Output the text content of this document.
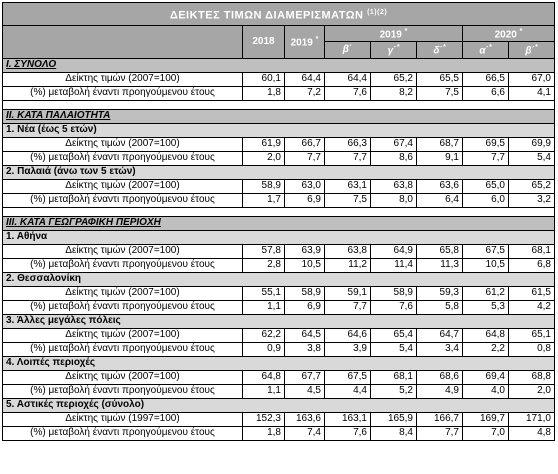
ΔΕΙΚΤΕΣ ΤΙΜΩΝ ΔΙΑΜΕΡΙΣΜΑΤΩΝ $^{(1)(2)}$
	2018	2019 *	2019 *			2020 *
			β΄	γ΄*	δ΄*	α΄*	β΄*
I. ΣΥΝΟΛΟ							
Δείκτης τιμών (2007=100)	60,1	64,4	64,4	65,2	65,5	66,5	67,0
(%) μεταβολή έναντι προηγούμενου έτους	1,8	7,2	7,6	8,2	7,5	6,6	4,1

II. ΚΑΤΑ ΠΑΛΑΙΟΤΗΤΑ							
1. Νέα (έως 5 ετών)							
Δείκτης τιμών (2007=100)	61,9	66,7	66,3	67,4	68,7	69,5	69,9
(%) μεταβολή έναντι προηγούμενου έτους	2,0	7,7	7,7	8,6	9,1	7,7	5,4
2. Παλαιά (άνω των 5 ετών)							
Δείκτης τιμών (2007=100)	58,9	63,0	63,1	63,8	63,6	65,0	65,2
(%) μεταβολή έναντι προηγούμενου έτους	1,7	6,9	7,5	8,0	6,4	6,0	3,2

III. ΚΑΤΑ ΓΕΩΓΡΑΦΙΚΗ ΠΕΡΙΟΧΗ							
1. Αθήνα							
Δείκτης τιμών (2007=100)	57,8	63,9	63,8	64,9	65,8	67,5	68,1
(%) μεταβολή έναντι προηγούμενου έτους	2,8	10,5	11,2	11,4	11,3	10,5	6,8
2. Θεσσαλονίκη							
Δείκτης τιμών (2007=100)	55,1	58,9	59,1	58,9	59,3	61,2	61,5
(%) μεταβολή έναντι προηγούμενου έτους	1,1	6,9	7,7	7,6	5,8	5,3	4,2
3. Άλλες μεγάλες πόλεις							
Δείκτης τιμών (2007=100)	62,2	64,5	64,6	65,4	64,7	64,8	65,1
(%) μεταβολή έναντι προηγούμενου έτους	0,9	3,8	3,9	5,4	3,4	2,2	0,8
4. Λοιπές περιοχές							
Δείκτης τιμών (2007=100)	64,8	67,7	67,5	68,1	68,6	69,4	68,8
(%) μεταβολή έναντι προηγούμενου έτους	1,1	4,5	4,4	5,2	4,9	4,0	2,0
5. Αστικές περιοχές (σύνολο)							
Δείκτης τιμών (1997=100)	152,3	163,6	163,1	165,9	166,7	169,7	171,0
(%) μεταβολή έναντι προηγούμενου έτους	1,8	7,4	7,6	8,4	7,7	7,0	4,8
